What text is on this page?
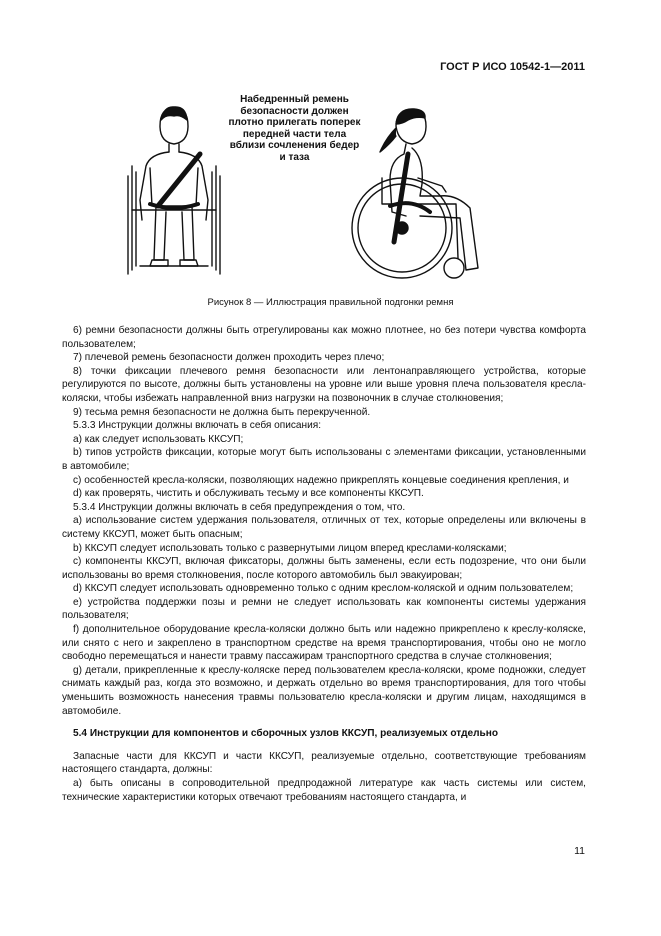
ГОСТ Р ИСО 10542-1—2011
Набедренный ремень безопасности должен плотно прилегать поперек передней части тела вблизи сочленения бедер и таза
Рисунок 8 — Иллюстрация правильной подгонки ремня

6) ремни безопасности должны быть отрегулированы как можно плотнее, но без потери чувства комфорта пользователем;

7) плечевой ремень безопасности должен проходить через плечо;

8) точки фиксации плечевого ремня безопасности или лентонаправляющего устройства, которые регулируются по высоте, должны быть установлены на уровне или выше уровня плеча пользователя кресла-коляски, чтобы избежать направленной вниз нагрузки на позвоночник в случае столкновения;

9) тесьма ремня безопасности не должна быть перекрученной.

5.3.3 Инструкции должны включать в себя описания:

а) как следует использовать ККСУП;

b) типов устройств фиксации, которые могут быть использованы с элементами фиксации, установленными в автомобиле;

с) особенностей кресла-коляски, позволяющих надежно прикреплять концевые соединения крепления, и

d) как проверять, чистить и обслуживать тесьму и все компоненты ККСУП.

5.3.4 Инструкции должны включать в себя предупреждения о том, что.

а) использование систем удержания пользователя, отличных от тех, которые определены или включены в систему ККСУП, может быть опасным;

b) ККСУП следует использовать только с развернутыми лицом вперед креслами-колясками;

с) компоненты ККСУП, включая фиксаторы, должны быть заменены, если есть подозрение, что они были использованы во время столкновения, после которого автомобиль был эвакуирован;

d) ККСУП следует использовать одновременно только с одним креслом-коляской и одним пользователем;

е) устройства поддержки позы и ремни не следует использовать как компоненты системы удержания пользователя;

f) дополнительное оборудование кресла-коляски должно быть или надежно прикреплено к креслу-коляске, или снято с него и закреплено в транспортном средстве на время транспортирования, чтобы оно не могло свободно перемещаться и нанести травму пассажирам транспортного средства в случае столкновения;

g) детали, прикрепленные к креслу-коляске перед пользователем кресла-коляски, кроме подножки, следует снимать каждый раз, когда это возможно, и держать отдельно во время транспортирования, для того чтобы уменьшить возможность нанесения травмы пользователю кресла-коляски и другим лицам, находящимся в автомобиле.

5.4 Инструкции для компонентов и сборочных узлов ККСУП, реализуемых отдельно

Запасные части для ККСУП и части ККСУП, реализуемые отдельно, соответствующие требованиям настоящего стандарта, должны:

а) быть описаны в сопроводительной предпродажной литературе как часть системы или систем, технические характеристики которых отвечают требованиям настоящего стандарта, и

11
